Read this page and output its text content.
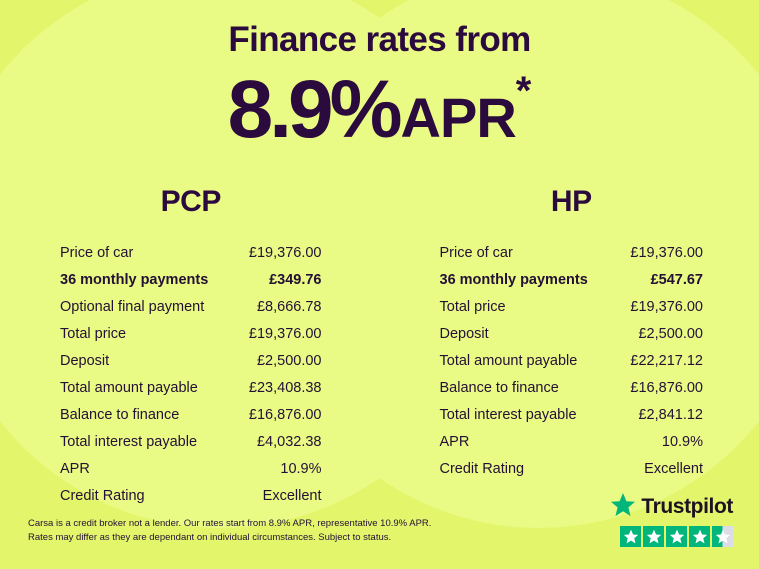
Finance rates from
8.9%APR*
PCP
Price of car	£19,376.00
36 monthly payments	£349.76
Optional final payment	£8,666.78
Total price	£19,376.00
Deposit	£2,500.00
Total amount payable	£23,408.38
Balance to finance	£16,876.00
Total interest payable	£4,032.38
APR	10.9%
Credit Rating	Excellent
HP
Price of car	£19,376.00
36 monthly payments	£547.67
Total price	£19,376.00
Deposit	£2,500.00
Total amount payable	£22,217.12
Balance to finance	£16,876.00
Total interest payable	£2,841.12
APR	10.9%
Credit Rating	Excellent
Carsa is a credit broker not a lender. Our rates start from 8.9% APR, representative 10.9% APR.
Rates may differ as they are dependant on individual circumstances. Subject to status.
Trustpilot
